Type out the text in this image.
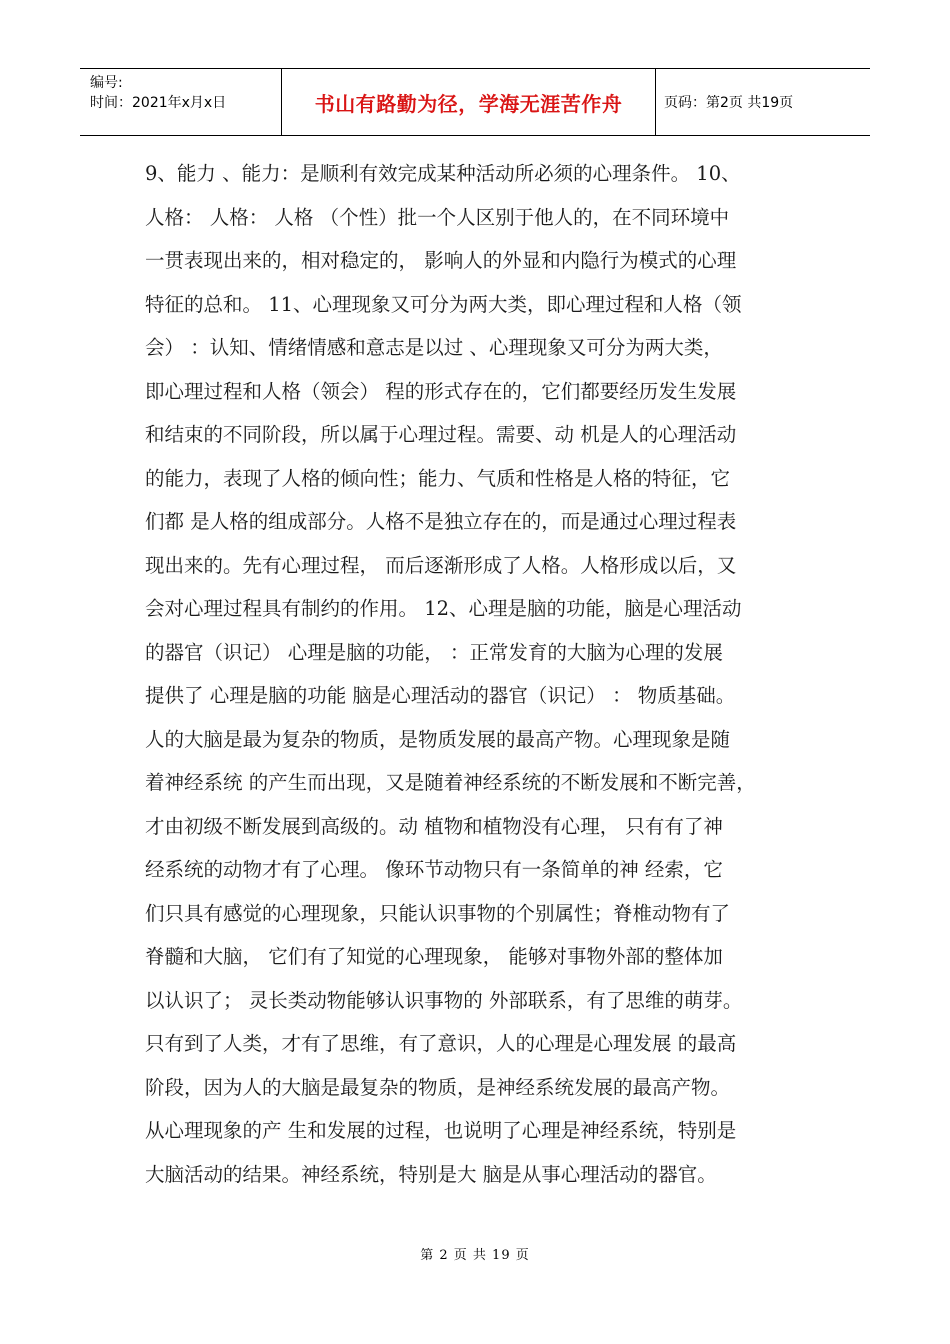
编号:
时间：2021年x月x日	书山有路勤为径，学海无涯苦作舟	页码：第2页 共19页
9、能力 、能力：是顺利有效完成某种活动所必须的心理条件。 10、
人格： 人格： 人格 （个性）批一个人区别于他人的，在不同环境中
一贯表现出来的，相对稳定的， 影响人的外显和内隐行为模式的心理
特征的总和。 11、心理现象又可分为两大类，即心理过程和人格（领
会） ：认知、情绪情感和意志是以过 、心理现象又可分为两大类，
即心理过程和人格（领会） 程的形式存在的，它们都要经历发生发展
和结束的不同阶段，所以属于心理过程。需要、动 机是人的心理活动
的能力，表现了人格的倾向性；能力、气质和性格是人格的特征，它
们都 是人格的组成部分。人格不是独立存在的，而是通过心理过程表
现出来的。先有心理过程， 而后逐渐形成了人格。人格形成以后，又
会对心理过程具有制约的作用。 12、心理是脑的功能，脑是心理活动
的器官（识记） 心理是脑的功能， ：正常发育的大脑为心理的发展
提供了 心理是脑的功能 脑是心理活动的器官（识记） ： 物质基础。
人的大脑是最为复杂的物质，是物质发展的最高产物。心理现象是随
着神经系统 的产生而出现，又是随着神经系统的不断发展和不断完善，
才由初级不断发展到高级的。动 植物和植物没有心理， 只有有了神
经系统的动物才有了心理。 像环节动物只有一条简单的神 经索，它
们只具有感觉的心理现象，只能认识事物的个别属性；脊椎动物有了
脊髓和大脑， 它们有了知觉的心理现象， 能够对事物外部的整体加
以认识了； 灵长类动物能够认识事物的 外部联系，有了思维的萌芽。
只有到了人类，才有了思维，有了意识，人的心理是心理发展 的最高
阶段，因为人的大脑是最复杂的物质，是神经系统发展的最高产物。
从心理现象的产 生和发展的过程，也说明了心理是神经系统，特别是
大脑活动的结果。神经系统，特别是大 脑是从事心理活动的器官。
第 2 页 共 19 页
